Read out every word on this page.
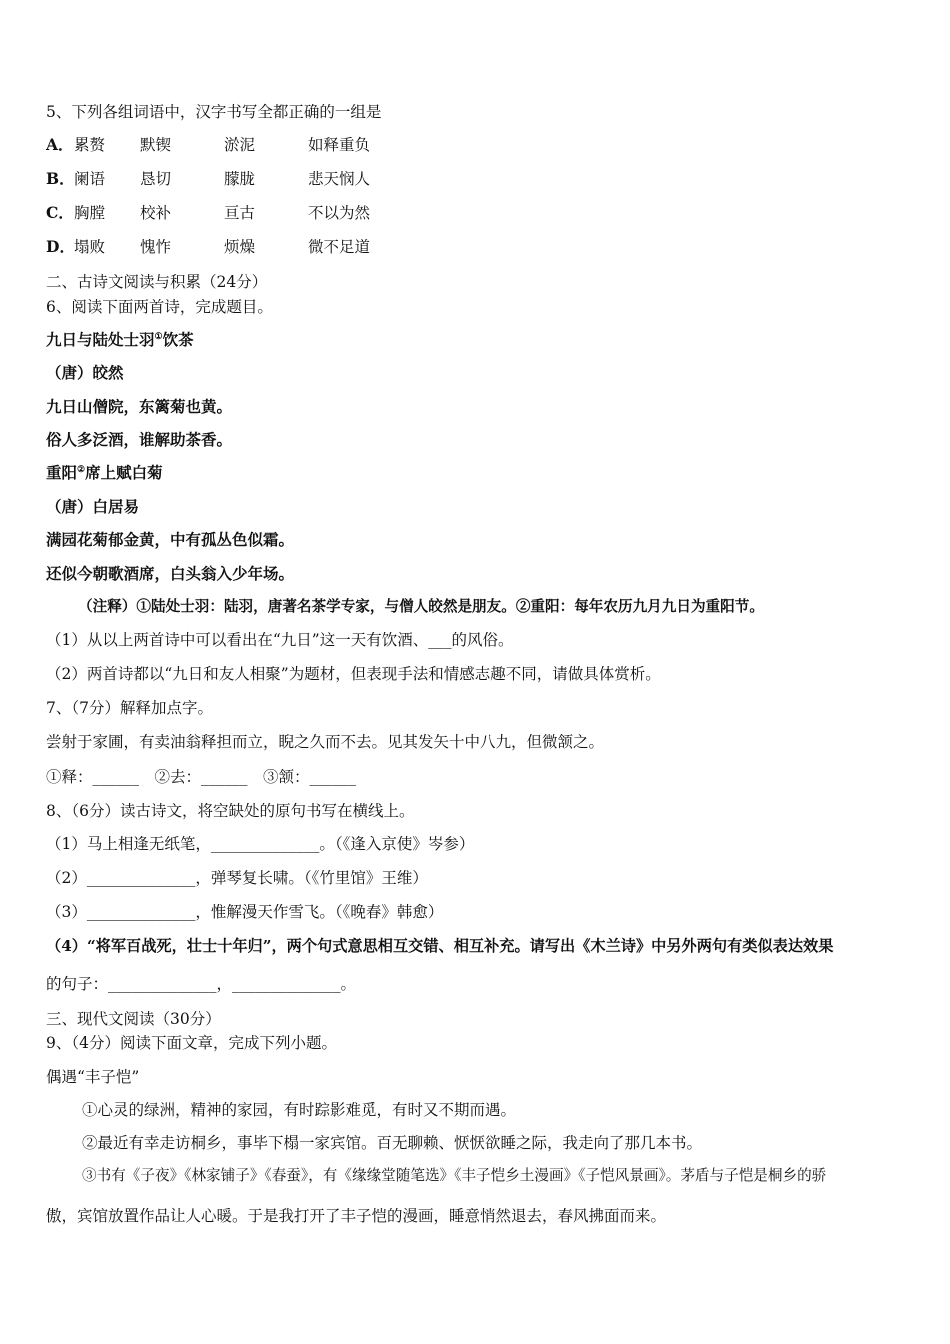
5、下列各组词语中，汉字书写全都正确的一组是
A．累赘 默锲	淤泥	如释重负
B．阑语 恳切	朦胧	悲天悯人
C．胸膛 校补	亘古	不以为然
D．塌败 愧怍	烦燥	微不足道
二、古诗文阅读与积累（24分）
6、阅读下面两首诗，完成题目。
九日与陆处士羽①饮茶
（唐）皎然
九日山僧院，东篱菊也黄。
俗人多泛酒，谁解助茶香。
重阳②席上赋白菊
（唐）白居易
满园花菊郁金黄，中有孤丛色似霜。
还似今朝歌酒席，白头翁入少年场。
（注释）①陆处士羽：陆羽，唐著名茶学专家，与僧人皎然是朋友。②重阳：每年农历九月九日为重阳节。
（1）从以上两首诗中可以看出在“九日”这一天有饮酒、___的风俗。
（2）两首诗都以“九日和友人相聚”为题材，但表现手法和情感志趣不同，请做具体赏析。
7、（7分）解释加点字。
尝射于家圃，有卖油翁释担而立，睨之久而不去。见其发矢十中八九，但微颔之。
①释：______　②去：______　③颔：______
8、（6分）读古诗文，将空缺处的原句书写在横线上。
（1）马上相逢无纸笔，______________。（《逢入京使》岑参）
（2）______________，弹琴复长啸。（《竹里馆》王维）
（3）______________，惟解漫天作雪飞。（《晚春》韩愈）
（4）“将军百战死，壮士十年归”，两个句式意思相互交错、相互补充。请写出《木兰诗》中另外两句有类似表达效果
的句子：______________，______________。
三、现代文阅读（30分）
9、（4分）阅读下面文章，完成下列小题。
偶遇“丰子恺”
①心灵的绿洲，精神的家园，有时踪影难觅，有时又不期而遇。
②最近有幸走访桐乡，事毕下榻一家宾馆。百无聊赖、恹恹欲睡之际，我走向了那几本书。
③书有《子夜》《林家铺子》《春蚕》，有《缘缘堂随笔选》《丰子恺乡土漫画》《子恺风景画》。茅盾与子恺是桐乡的骄
傲，宾馆放置作品让人心暖。于是我打开了丰子恺的漫画，睡意悄然退去，春风拂面而来。
